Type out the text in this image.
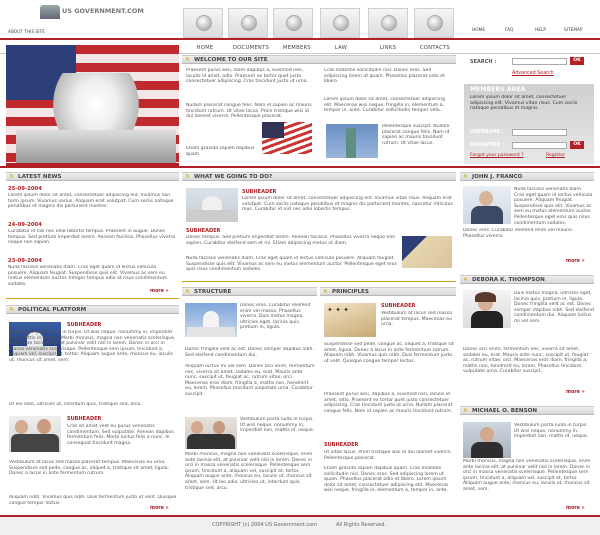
US GOVERNMENT.COM
ABOUT THIS SITE	HOME	FAQ	HELP	SITEMAP
HOME	DOCUMENTS	MEMBERS	LAW	LINKS	CONTACTS
✕ WELCOME TO OUR SITE
Praesent purus wisi, diam dapibus a, euismod non, iaculis id amet, odio. Praesent ex tortor quet justo consectetuer adipiscing. Cras tincidunt justo ut urna.
Nullam placerat congue felis. Nam id sapien ac mauris tincidunt rutrum. Ut vitae lacus. Proin tristique wisi id dui laoreet viverra. Pellentesque placerat.
Etiam gravida sapien dapibus quam.
Cras molestie sollicitudin nisl. Donec eros. Sed adipiscing lorem ut quam. Phasellus placerat odio et libero.
Lorem ipsum dolor sit amet, consectetuer adipiscing elit. Maecenas wisi neque, fringilla in, elementum a, tempor in, ante. Curabitur sollicitudin tempor odio.
Pellentesque suscipit. Nullam placerat congue felis. Nam id sapien ac mauris tincidunt rutrum. Ut vitae lacus.
SEARCH :	OK
Advanced Search
MEMBERS AREA
Lorem ipsum dolor sit amet, consectetuer adipiscing elit. Vivamus vitae risus. Cum sociis natoque penatibus et magnis.
USERNAME :
PASSWORD :	OK
Forgot your password ?	Register
✕ LATEST NEWS
25-09-2004
Lorem ipsum dolor sit amet, consectetuer adipiscing elit. Vivamus non torm ipsum. Vivamus varius. Aliquam erat volutpat. Cum sociis natoque penatibus et magnis dis parturient montes.
24-09-2004
Curabitur id nisl nec odio lobortis tempus. Praesent in augue. Donec tempus. Sed pretium imperdiet lorem. Aenean facilisis. Phasellus viverra neque non sapien.
23-09-2004
Nulla facilisis venenatis diam. Cras eget quam id lectus vehicula posuere. Aliquam feugiat. Suspendisse quis elit. Vivamus ac sem eu metus elementum auctor. Integer tempus odio at risus condimentum sodales.
more »
✕ WHAT WE GOING TO DO?
SUBHEADER
Lorem ipsum dolor sit amet, consectetuer adipiscing elit. Vivamus vitae risus. Aliquam erat volutpat. Cum sociis natoque penatibus et magnis dis parturient montes, nascetur ridiculus mus. Curabitur id nisl nec odio lobortis tempus.
SUBHEADER
Donec tempus. Sed pretium imperdiet lorem. Aenean facilisis. Phasellus viverra neque non sapien. Curabitur eleifend sem et mi. Etiam adipiscing metus ut diam.
Nulla facilisis venenatis diam. Cras eget quam id lectus vehicula posuere. Aliquam feugiat. Suspendisse quis elit. Vivamus ac sem eu metus elementum auctor. Pellentesque eget eros quis risus condimentum sodales.
✕ JOHN J. FRANCO
Nulla facilisis venenatis diam. Cras eget quam id lectus vehicula posuere. Aliquam feugiat. Suspendisse quis elit. Vivamus ac sem eu metus elementum auctor. Pellentesque eget eros quis risus condimentum sodales.
Donec eros. Curabitur eleifend enim vel mauris. Phasellus viverra.
more »
✕ DEBORA K. THOMPSON
Duis metus magna, ultricies eget, lacinia quis, pretium in, ligula. Donec fringilla velit ac est. Donec semper dapibus nibh. Sed eleifend condimentum dui. Aliquam luctus mi vel sem.
Donec orci enim, fermentum nec, viverra sit amet, sodales eu, erat. Mauris ante nunc, suscipit ut, feugiat ac, rutrum vitae, orci. Maecenas eros diam, fringilla a, mattis non, hendrerit eu, lorem. Phasellus tincidunt vulputate urna. Curabitur suscipit.
more »
✕ MICHAEL O. BENSON
Vestibulum porta nulla in turpis. Ut wisi neque, nonummy in, imperdiet non, mattis id, neque.
Morbi rhoncus, magna non venenatis scelerisque, enim ante lacinia elit, at pulvinar velit nisl in lorem. Donec in orci in massa venenatis scelerisque. Pellentesque sem ipsum, tincidunt a, aliquam vel, suscipit at, tortor. Aliquam augue ante, rhoncus eu, iaculis ut, rhoncus sit amet, sem.
more »
✕ POLITICAL PLATFORM
SUBHEADER
Vestibulum porta nulla in turpis. Ut wisi neque, nonummy in, imperdiet non, mattis id, neque. Morbi rhoncus, magna non venenatis scelerisque, enim ante lacinia elit, at pulvinar velit nisl in lorem. Donec in orci in massa venenatis scelerisque. Pellentesque sem ipsum, tincidunt a, aliquam vel, suscipit at, tortor. Aliquam augue ante, rhoncus eu, iaculis ut, rhoncus sit amet, sem.
Ut leo odio, ultricies ut, interdum quis, tristique sed, arcu.
SUBHEADER
Cras sit amet velit eu purus venenatis condimentum. Sed vulputate. Aenean dapibus fermentum felis. Morbi luctus felis a nunc. In consequat tincidunt magna.
Vestibulum at lacus sed massa placerat tempus. Maecenas eu urna. Suspendisse sed pede, congue ac, aliquet a, tristique sit amet, ligula. Donec a lacus in ante fermentum rutrum.
Aliquam nibh. Vivamus quis nibh. Duis fermentum justo ut velit. Quisque congue tempor lectus.
more »
✕ STRUCTURE
Donec eros. Curabitur eleifend enim vel massa. Phasellus viverra. Duis metus magna, ultricies eget, lacinia quis, pretium in, ligula.
Donec fringilla velit ac est. Donec semper dapibus nibh. Sed eleifend condimentum dui.
Aliquam luctus mi vel sem. Donec orci enim, fermentum nec, viverra sit amet, sodales eu, erat. Mauris ante nunc, suscipit ut, feugiat ac, rutrum vitae, orci. Maecenas eros diam, fringilla a, mattis non, hendrerit eu, lorem. Phasellus tincidunt vulputate urna. Curabitur suscipit.
Vestibulum porta nulla in turpis. Ut wisi neque, nonummy in, imperdiet non, mattis id, neque.
Morbi rhoncus, magna non venenatis scelerisque, enim ante lacinia elit, at pulvinar velit nisl in lorem. Donec in orci in massa venenatis scelerisque. Pellentesque sem ipsum, tincidunt a, aliquam vel, suscipit at, tortor. Aliquam augue ante, rhoncus eu, iaculis ut, rhoncus sit amet, sem. Ut leo odio, ultricies ut, interdum quis, tristique sed, arcu.
✕ PRINCIPLES
✦ ✦ ✦	SUBHEADER
Vestibulum at lacus sed massa placerat tempus. Maecenas eu urna.
Suspendisse sed pede, congue ac, aliquet a, tristique sit amet, ligula. Donec a lacus in ante fermentum rutrum. Aliquam nibh. Vivamus quis nibh. Duis fermentum justo ut velit. Quisque congue tempor lectus.
Praesent purus wisi, dapibus a, euismod non, iaculis id amet, odio. Praesent ex tortor quet justo consectetuer adipiscing. Cras tincidunt justo ut urna. Nullam placerat congue felis. Nam id sapien ac mauris tincidunt rutrum.
SUBHEADER
Ut vitae lacus. Proin tristique wisi id dui laoreet viverra. Pellentesque placerat.
Etiam gravida sapien dapibus quam. Cras molestie sollicitudin nisl. Donec eros. Sed adipiscing lorem ut quam. Phasellus placerat odio et libero. Lorem ipsum dolor sit amet, consectetuer adipiscing elit. Maecenas wisi neque, fringilla in, elementum a, tempor in, ante.
COPYRIGHT (c) 2004 US Government.com	All Rights Reserved.
